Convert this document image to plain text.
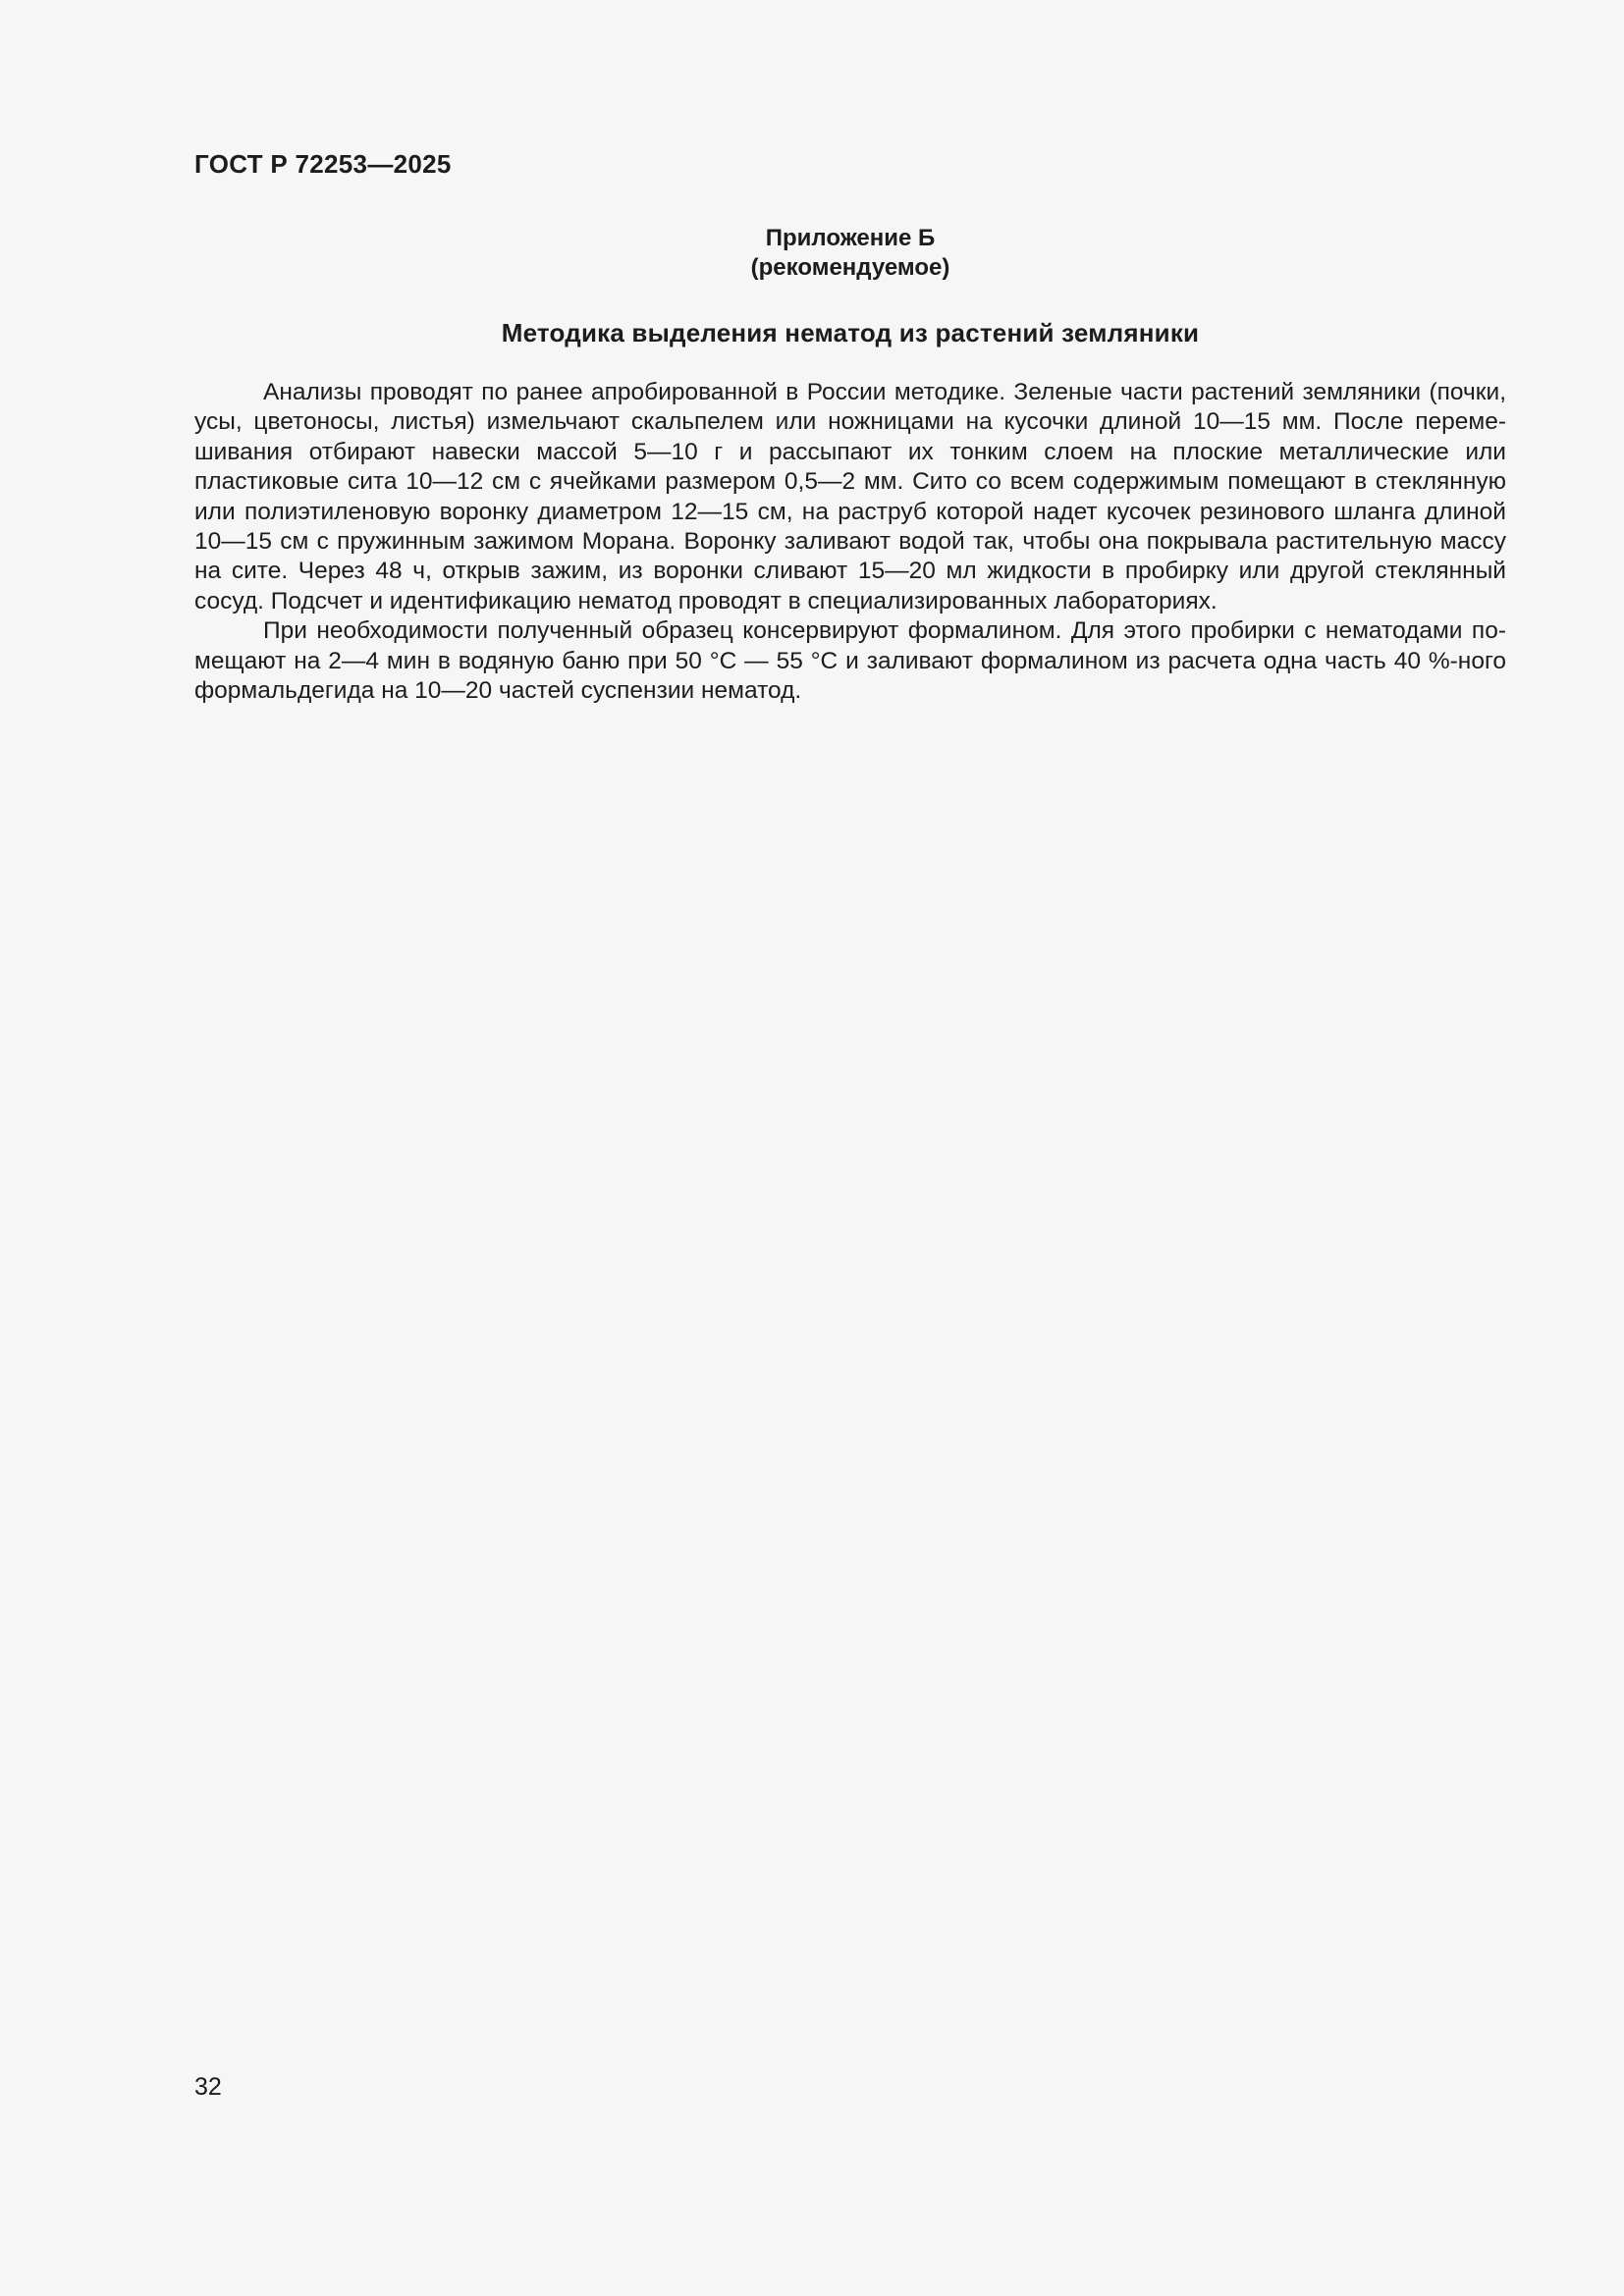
ГОСТ Р 72253—2025
Приложение Б
(рекомендуемое)
Методика выделения нематод из растений земляники

Анализы проводят по ранее апробированной в России методике. Зеленые части растений земляники (почки, усы, цветоносы, листья) измельчают скальпелем или ножницами на кусочки длиной 10—15 мм. После перемешивания отбирают навески массой 5—10 г и рассыпают их тонким слоем на плоские металлические или пластиковые сита 10—12 см с ячейками размером 0,5—2 мм. Сито со всем содержимым помещают в стеклянную или полиэтиленовую воронку диаметром 12—15 см, на раструб которой надет кусочек резинового шланга длиной 10—15 см с пружинным зажимом Морана. Воронку заливают водой так, чтобы она покрывала растительную массу на сите. Через 48 ч, открыв зажим, из воронки сливают 15—20 мл жидкости в пробирку или другой стеклянный сосуд. Подсчет и идентификацию нематод проводят в специализированных лабораториях.

При необходимости полученный образец консервируют формалином. Для этого пробирки с нематодами помещают на 2—4 мин в водяную баню при 50 °С — 55 °С и заливают формалином из расчета одна часть 40 %-ного формальдегида на 10—20 частей суспензии нематод.

32
